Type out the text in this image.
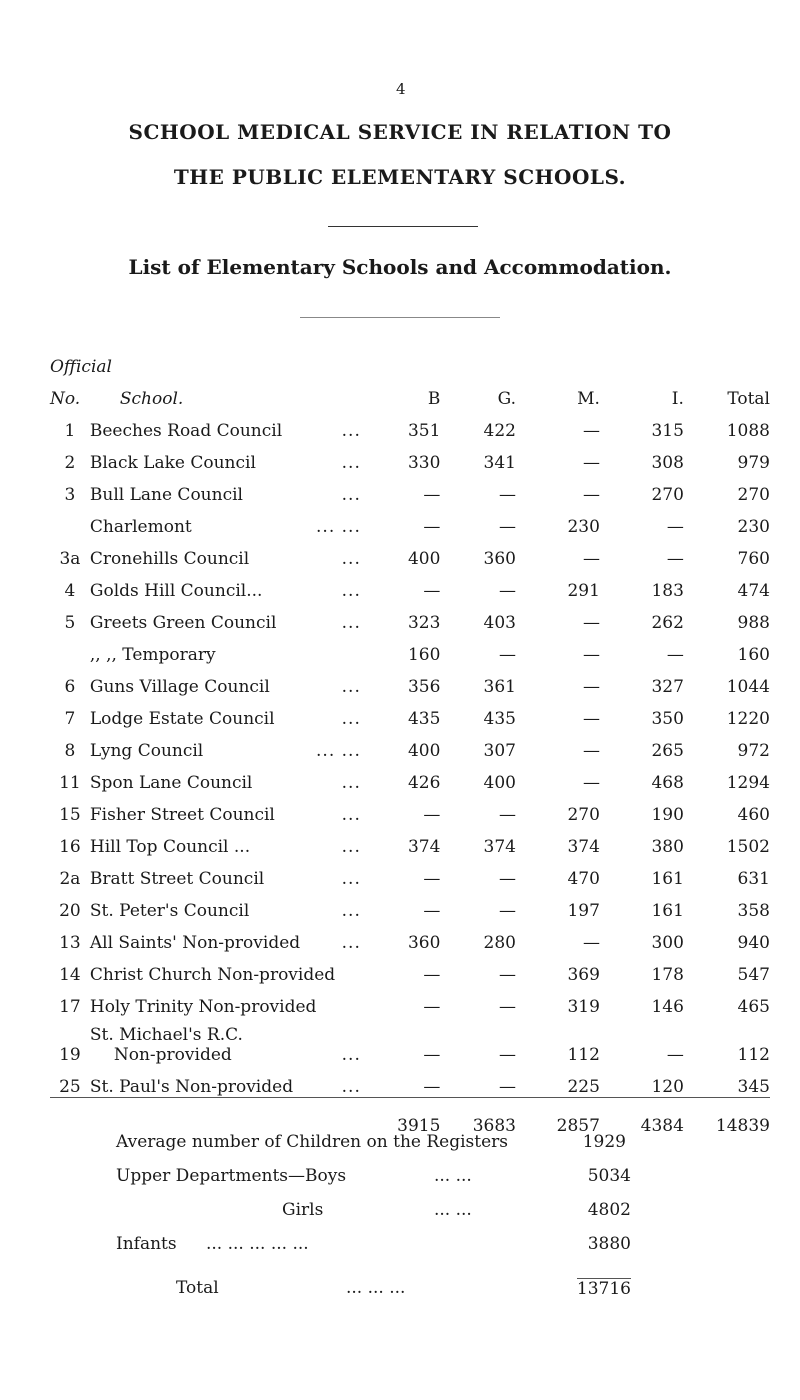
4
SCHOOL MEDICAL SERVICE IN RELATION TO
THE PUBLIC ELEMENTARY SCHOOLS.
List of Elementary Schools and Accommodation.
Official						
No.	School.	B	G.	M.	I.	Total
1	Beeches Road Council ...	351	422	—	315	1088
2	Black Lake Council ...	330	341	—	308	979
3	Bull Lane Council ...	—	—	—	270	270
	Charlemont ... ...	—	—	230	—	230
3a	Cronehills Council ...	400	360	—	—	760
4	Golds Hill Council... ...	—	—	291	183	474
5	Greets Green Council ...	323	403	—	262	988
	,, ,, Temporary	160	—	—	—	160
6	Guns Village Council ...	356	361	—	327	1044
7	Lodge Estate Council ...	435	435	—	350	1220
8	Lyng Council ... ...	400	307	—	265	972
11	Spon Lane Council ...	426	400	—	468	1294
15	Fisher Street Council ...	—	—	270	190	460
16	Hill Top Council ... ...	374	374	374	380	1502
2a	Bratt Street Council ...	—	—	470	161	631
20	St. Peter's Council ...	—	—	197	161	358
13	All Saints' Non-provided ...	360	280	—	300	940
14	Christ Church Non-provided	—	—	369	178	547
17	Holy Trinity Non-provided	—	—	319	146	465
19	St. Michael's R.C.
Non-provided ...	—	—	112	—	112
25	St. Paul's Non-provided ...	—	—	225	120	345
		3915	3683	2857	4384	14839
Average number of Children on the Registers	1929
Upper Departments—Boys	... ...	5034
Girls	... ...	4802
Infants ... ... ... ... ...	3880
Total	... ... ...	13716
